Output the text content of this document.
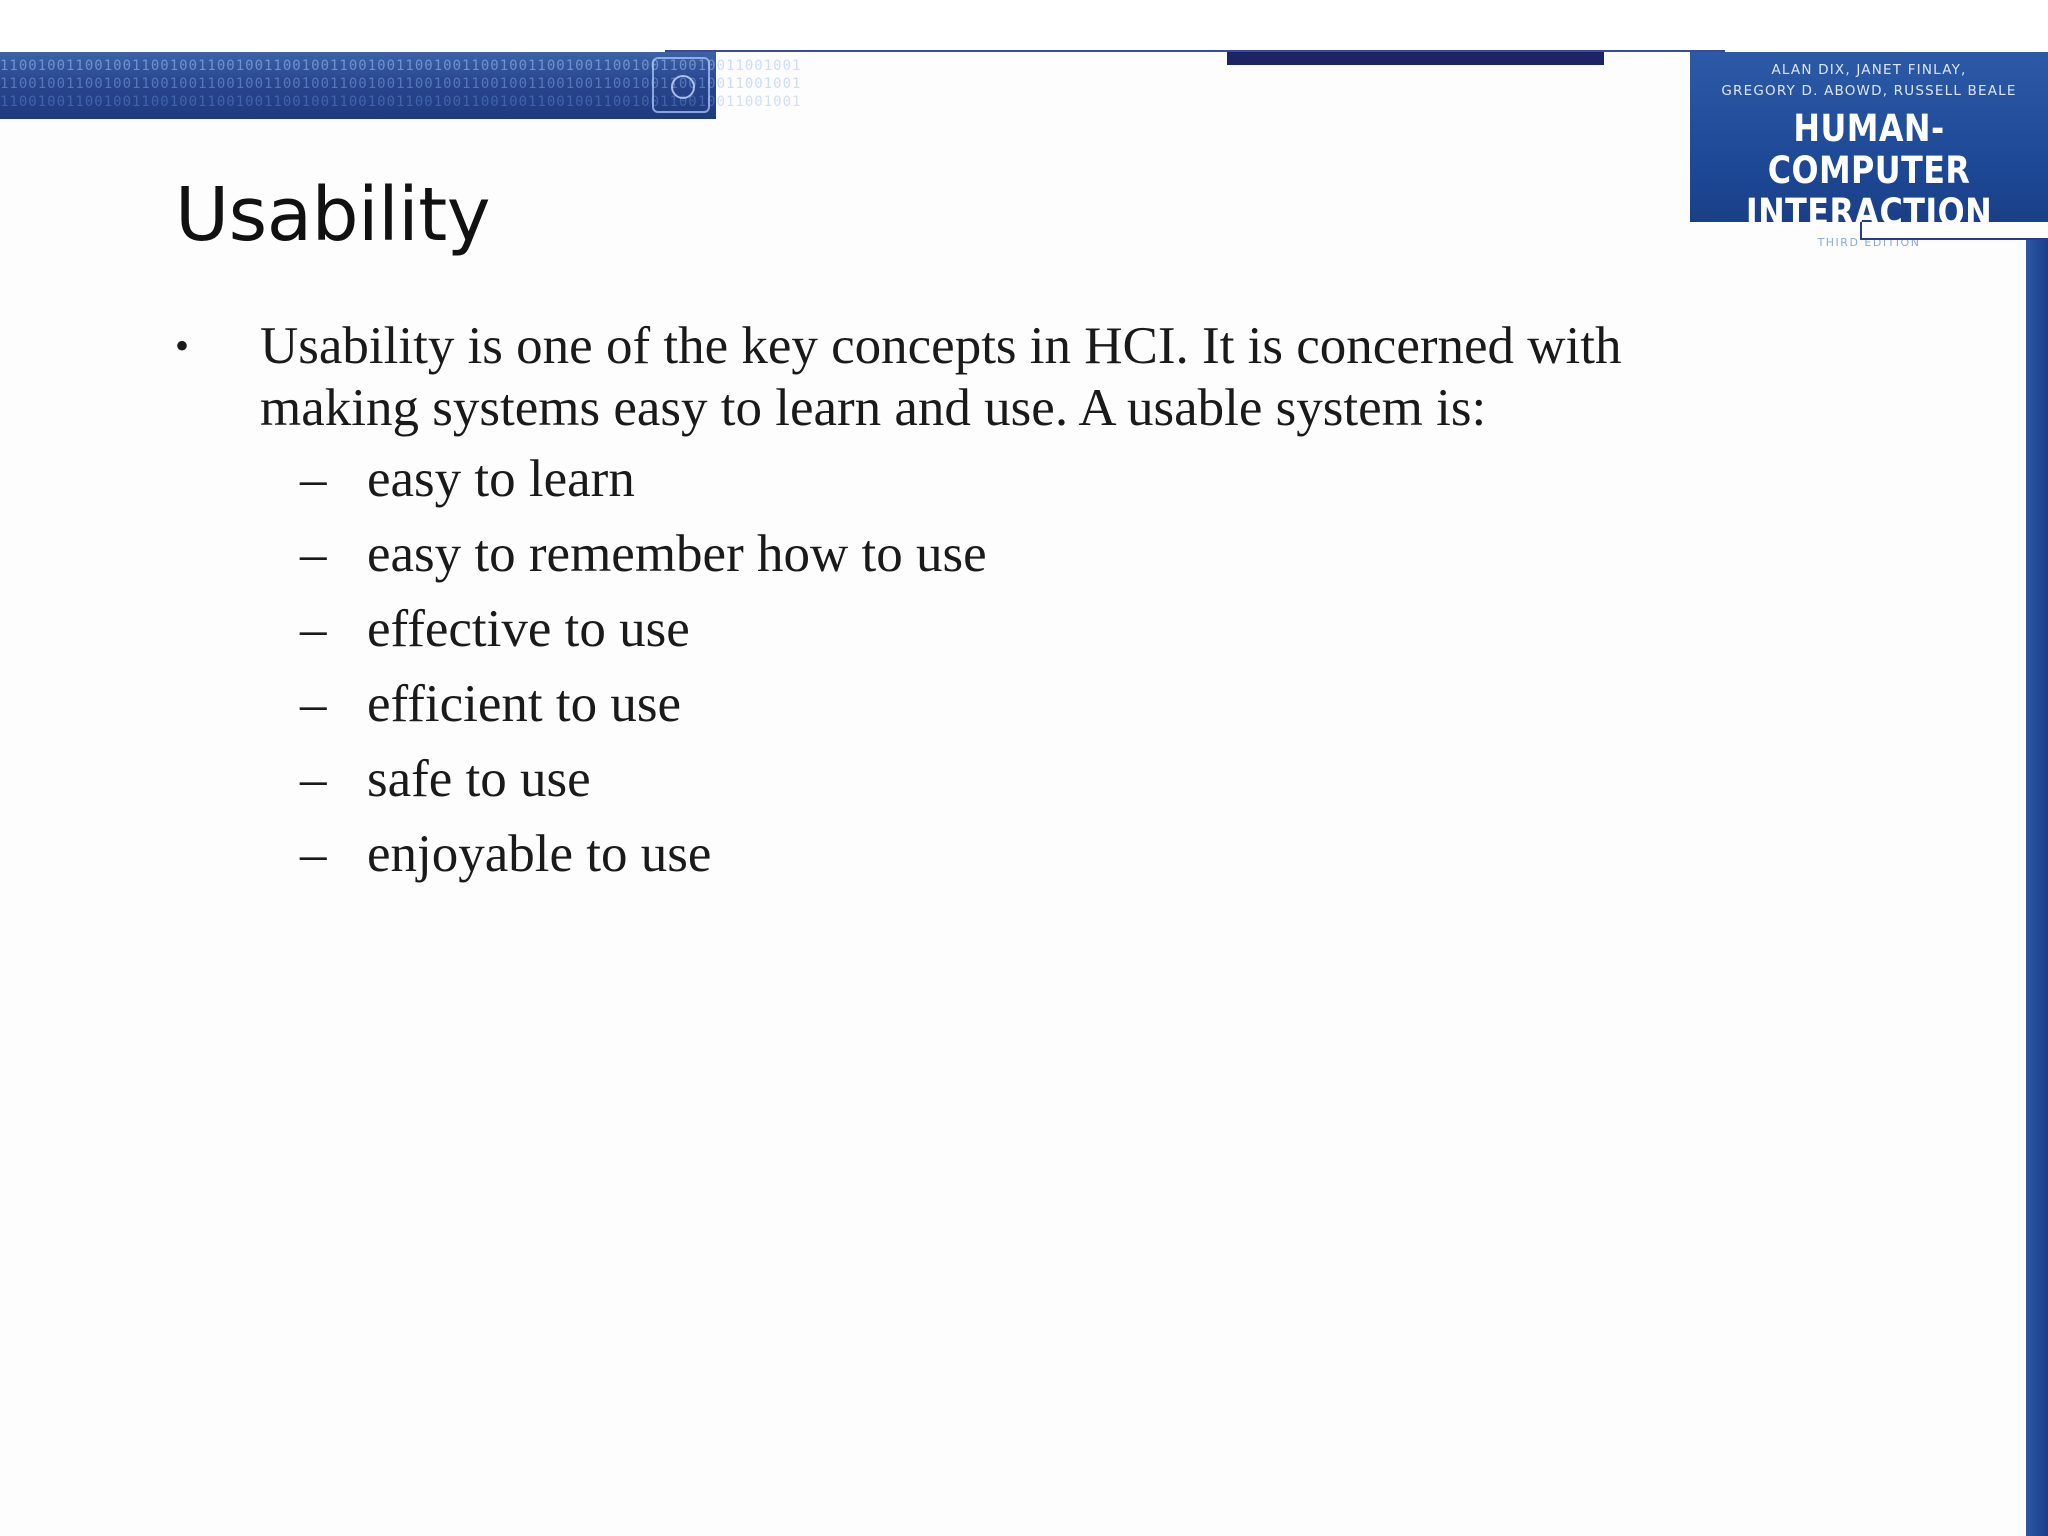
1100100110010011001001100100110010011001001100100110010011001001100100110010011001001
1100100110010011001001100100110010011001001100100110010011001001100100110010011001001
1100100110010011001001100100110010011001001100100110010011001001100100110010011001001
ALAN DIX, JANET FINLAY,
GREGORY D. ABOWD, RUSSELL BEALE
HUMAN-COMPUTER
INTERACTION
THIRD EDITION
Usability
• Usability is one of the key concepts in HCI. It is concerned with making systems easy to learn and use. A usable system is:
– easy to learn
– easy to remember how to use
– effective to use
– efficient to use
– safe to use
– enjoyable to use
